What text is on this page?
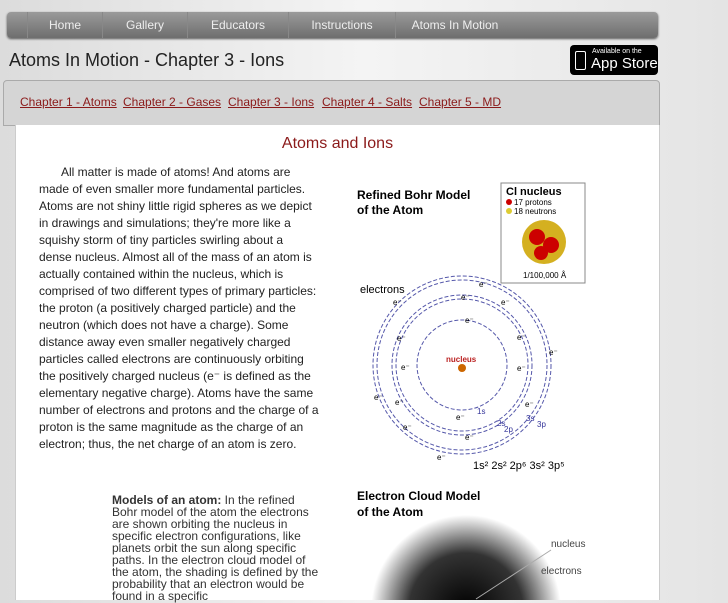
Home	Gallery	Educators	Instructions	Atoms In Motion
Atoms In Motion - Chapter 3 - Ions	Available on the
App Store
Chapter 1 - Atoms Chapter 2 - Gases Chapter 3 - Ions Chapter 4 - Salts Chapter 5 - MD
Atoms and Ions
All matter is made of atoms! And atoms are made of even smaller more fundamental particles. Atoms are not shiny little rigid spheres as we depict in drawings and simulations; they're more like a squishy storm of tiny particles swirling about a dense nucleus. Almost all of the mass of an atom is actually contained within the nucleus, which is comprised of two different types of primary particles: the proton (a positively charged particle) and the neutron (which does not have a charge). Some distance away even smaller negatively charged particles called electrons are continuously orbiting the positively charged nucleus (e⁻ is defined as the elementary negative charge). Atoms have the same number of electrons and protons and the charge of a proton is the same magnitude as the charge of an electron; thus, the net charge of an atom is zero.
Models of an atom: In the refined Bohr model of the atom the electrons are shown orbiting the nucleus in specific electron configurations, like planets orbit the sun along specific paths. In the electron cloud model of the atom, the shading is defined by the probability that an electron would be found in a specific
Refined Bohr Model
of the Atom
Cl nucleus
17 protons
18 neutrons
1/100,000 Å
nucleus
electrons	e⁻
e⁻
e⁻
e⁻
e⁻
e⁻
e⁻
e⁻
e⁻
e⁻
e⁻
e⁻
e⁻
e⁻
e⁻
e⁻
e⁻
1s
2s
2p
3s
3p
1s² 2s² 2p⁶ 3s² 3p⁵
Electron Cloud Model
of the Atom
nucleus
electrons
